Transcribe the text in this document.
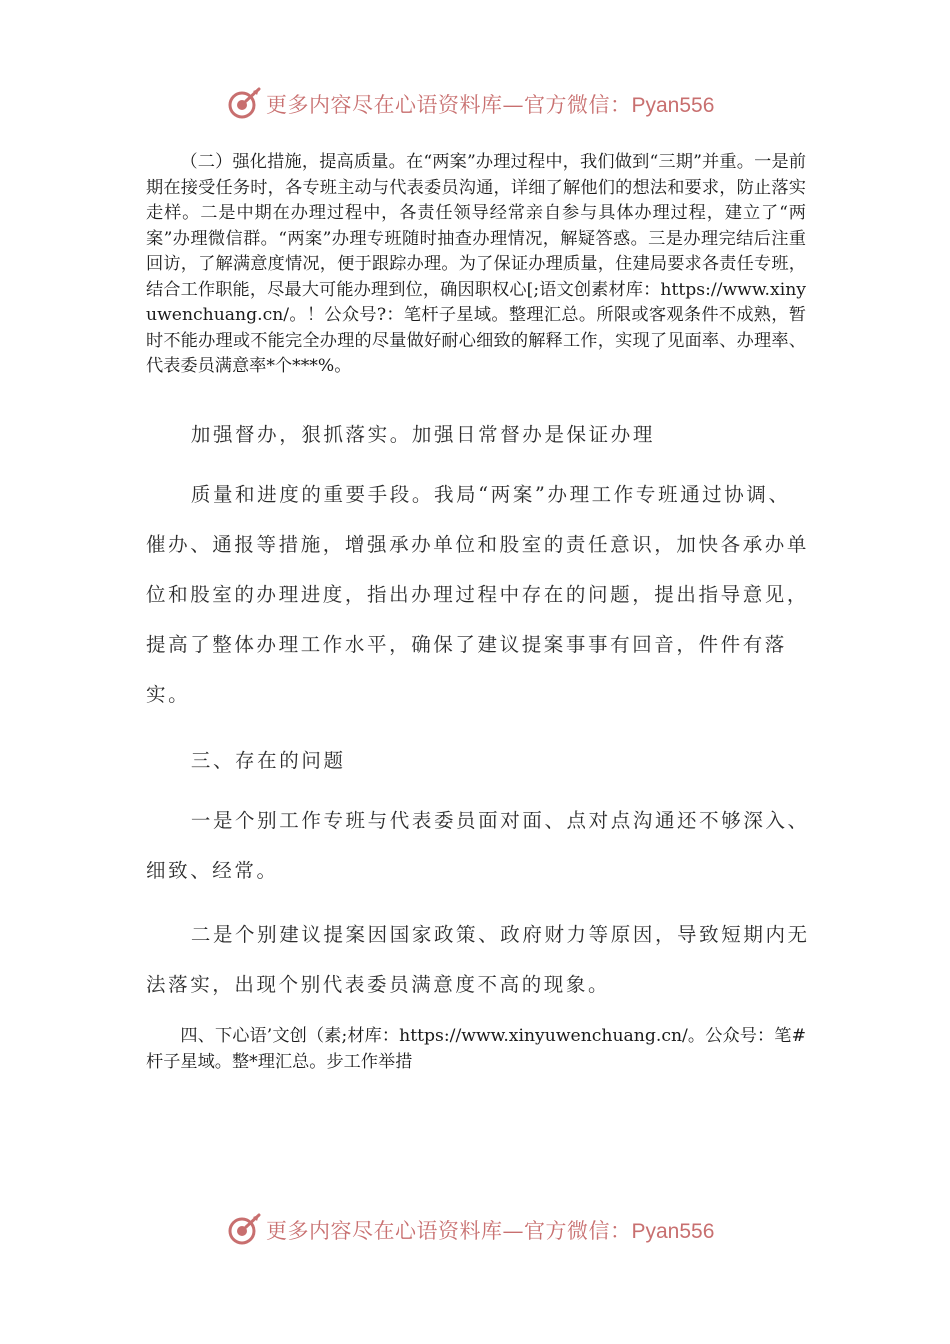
更多内容尽在心语资料库—官方微信：Pyan556

（二）强化措施，提高质量。在“两案”办理过程中，我们做到“三期”并重。一是前期在接受任务时，各专班主动与代表委员沟通，详细了解他们的想法和要求，防止落实走样。二是中期在办理过程中，各责任领导经常亲自参与具体办理过程，建立了“两案”办理微信群。“两案”办理专班随时抽查办理情况，解疑答惑。三是办理完结后注重回访，了解满意度情况，便于跟踪办理。为了保证办理质量，住建局要求各责任专班，结合工作职能，尽最大可能办理到位，确因职权心[;语文创素材库：https://www.xinyuwenchuang.cn/。！公众号?：笔杆子星域。整理汇总。所限或客观条件不成熟，暂时不能办理或不能完全办理的尽量做好耐心细致的解释工作，实现了见面率、办理率、代表委员满意率*个***%。

加强督办，狠抓落实。加强日常督办是保证办理

质量和进度的重要手段。我局“两案”办理工作专班通过协调、催办、通报等措施，增强承办单位和股室的责任意识，加快各承办单位和股室的办理进度，指出办理过程中存在的问题，提出指导意见，提高了整体办理工作水平，确保了建议提案事事有回音，件件有落实。

三、存在的问题

一是个别工作专班与代表委员面对面、点对点沟通还不够深入、细致、经常。

二是个别建议提案因国家政策、政府财力等原因，导致短期内无法落实，出现个别代表委员满意度不高的现象。

四、下心语’文创（素;材库：https://www.xinyuwenchuang.cn/。公众号：笔#杆子星域。整*理汇总。步工作举措

更多内容尽在心语资料库—官方微信：Pyan556
